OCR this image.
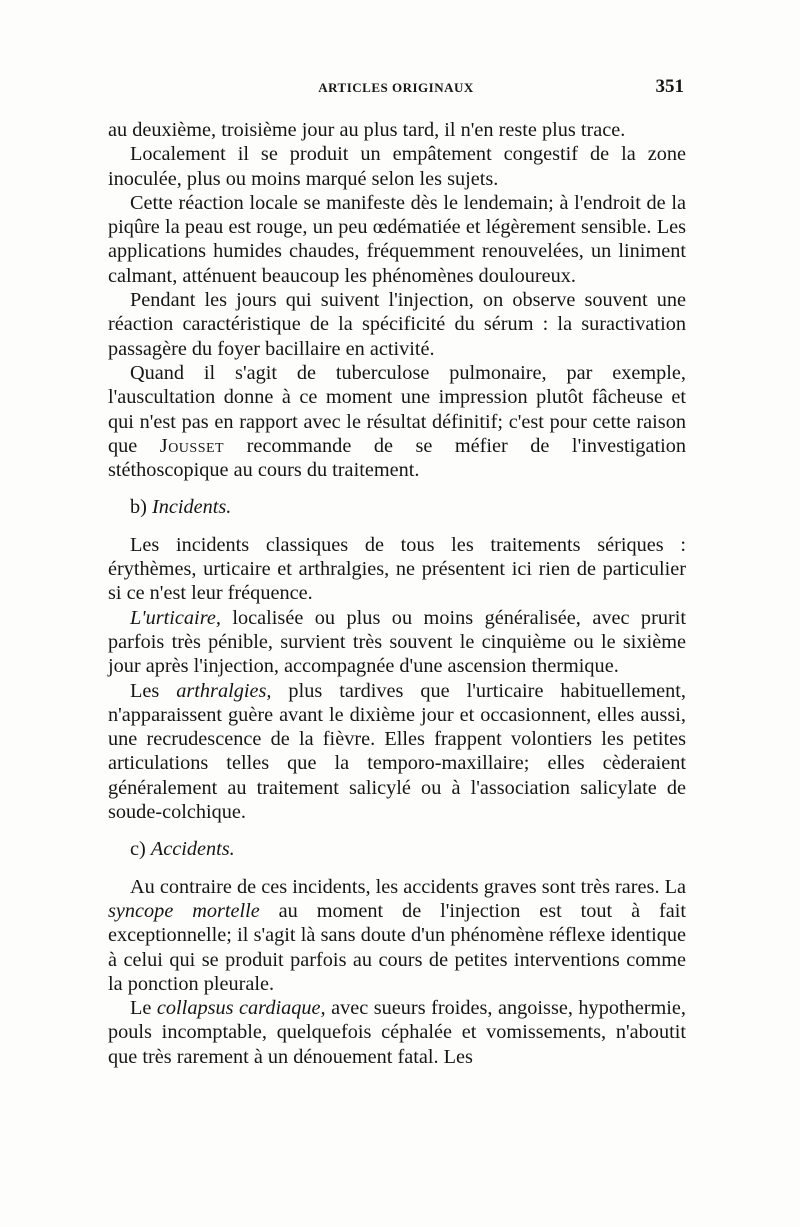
ARTICLES ORIGINAUX	351

au deuxième, troisième jour au plus tard, il n'en reste plus trace.

Localement il se produit un empâtement congestif de la zone inoculée, plus ou moins marqué selon les sujets.

Cette réaction locale se manifeste dès le lendemain; à l'endroit de la piqûre la peau est rouge, un peu œdématiée et légèrement sensible. Les applications humides chaudes, fréquemment renouvelées, un liniment calmant, atténuent beaucoup les phénomènes douloureux.

Pendant les jours qui suivent l'injection, on observe souvent une réaction caractéristique de la spécificité du sérum : la suractivation passagère du foyer bacillaire en activité.

Quand il s'agit de tuberculose pulmonaire, par exemple, l'auscultation donne à ce moment une impression plutôt fâcheuse et qui n'est pas en rapport avec le résultat définitif; c'est pour cette raison que Jousset recommande de se méfier de l'investigation stéthoscopique au cours du traitement.

b) Incidents.

Les incidents classiques de tous les traitements sériques : érythèmes, urticaire et arthralgies, ne présentent ici rien de particulier si ce n'est leur fréquence.

L'urticaire, localisée ou plus ou moins généralisée, avec prurit parfois très pénible, survient très souvent le cinquième ou le sixième jour après l'injection, accompagnée d'une ascension thermique.

Les arthralgies, plus tardives que l'urticaire habituellement, n'apparaissent guère avant le dixième jour et occasionnent, elles aussi, une recrudescence de la fièvre. Elles frappent volontiers les petites articulations telles que la temporo-maxillaire; elles cèderaient généralement au traitement salicylé ou à l'association salicylate de soude-colchique.

c) Accidents.

Au contraire de ces incidents, les accidents graves sont très rares. La syncope mortelle au moment de l'injection est tout à fait exceptionnelle; il s'agit là sans doute d'un phénomène réflexe identique à celui qui se produit parfois au cours de petites interventions comme la ponction pleurale.

Le collapsus cardiaque, avec sueurs froides, angoisse, hypothermie, pouls incomptable, quelquefois céphalée et vomissements, n'aboutit que très rarement à un dénouement fatal. Les
